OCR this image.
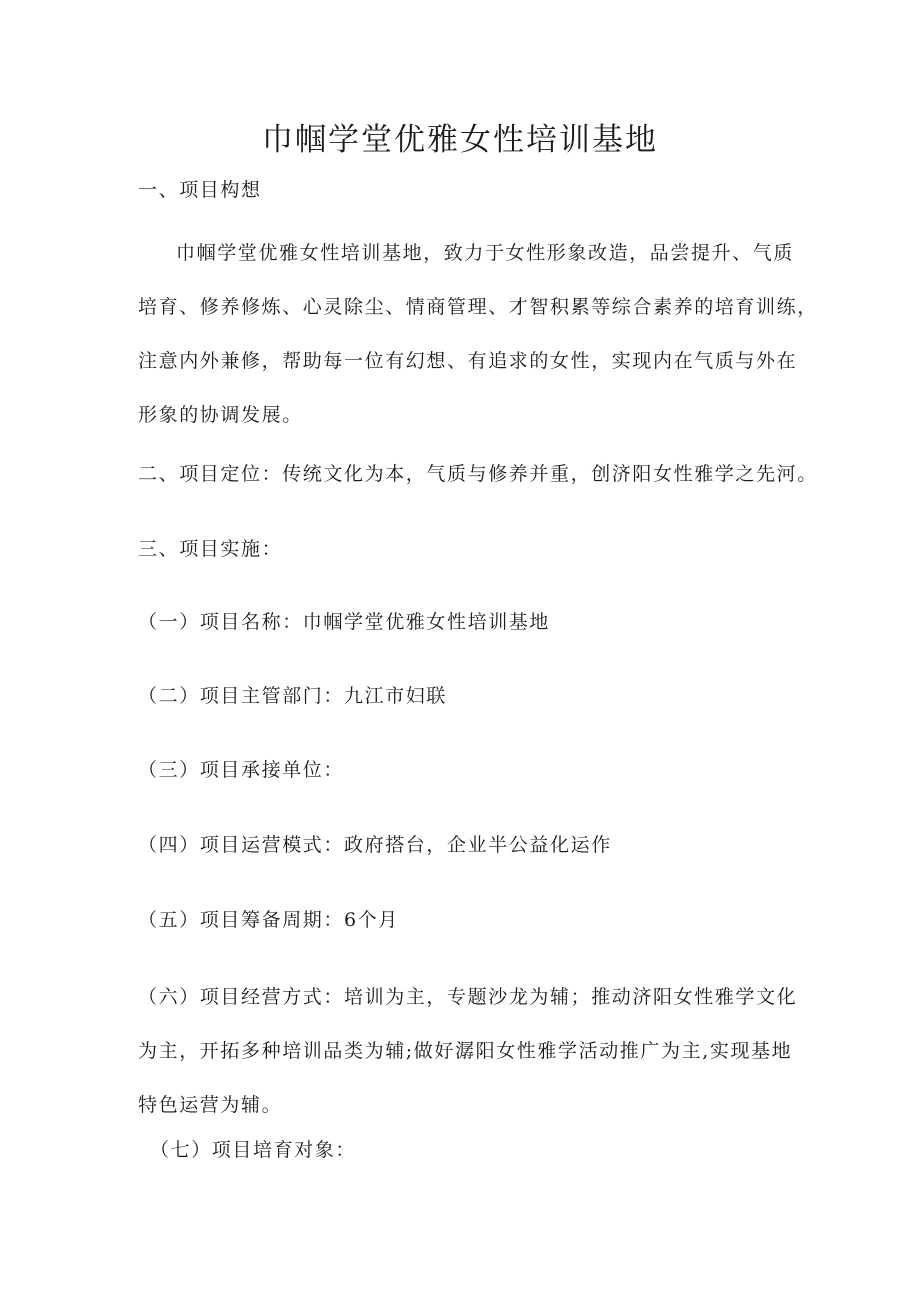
巾帼学堂优雅女性培训基地
一、项目构想
巾帼学堂优雅女性培训基地，致力于女性形象改造，品尝提升、气质
培育、修养修炼、心灵除尘、情商管理、才智积累等综合素养的培育训练，
注意内外兼修，帮助每一位有幻想、有追求的女性，实现内在气质与外在
形象的协调发展。
二、项目定位：传统文化为本，气质与修养并重，创济阳女性雅学之先河。
三、项目实施：
（一）项目名称：巾帼学堂优雅女性培训基地
（二）项目主管部门：九江市妇联
（三）项目承接单位：
（四）项目运营模式：政府搭台，企业半公益化运作
（五）项目筹备周期：6个月
（六）项目经营方式：培训为主，专题沙龙为辅；推动济阳女性雅学文化
为主，开拓多种培训品类为辅;做好潺阳女性雅学活动推广为主,实现基地
特色运营为辅。
（七）项目培育对象：
